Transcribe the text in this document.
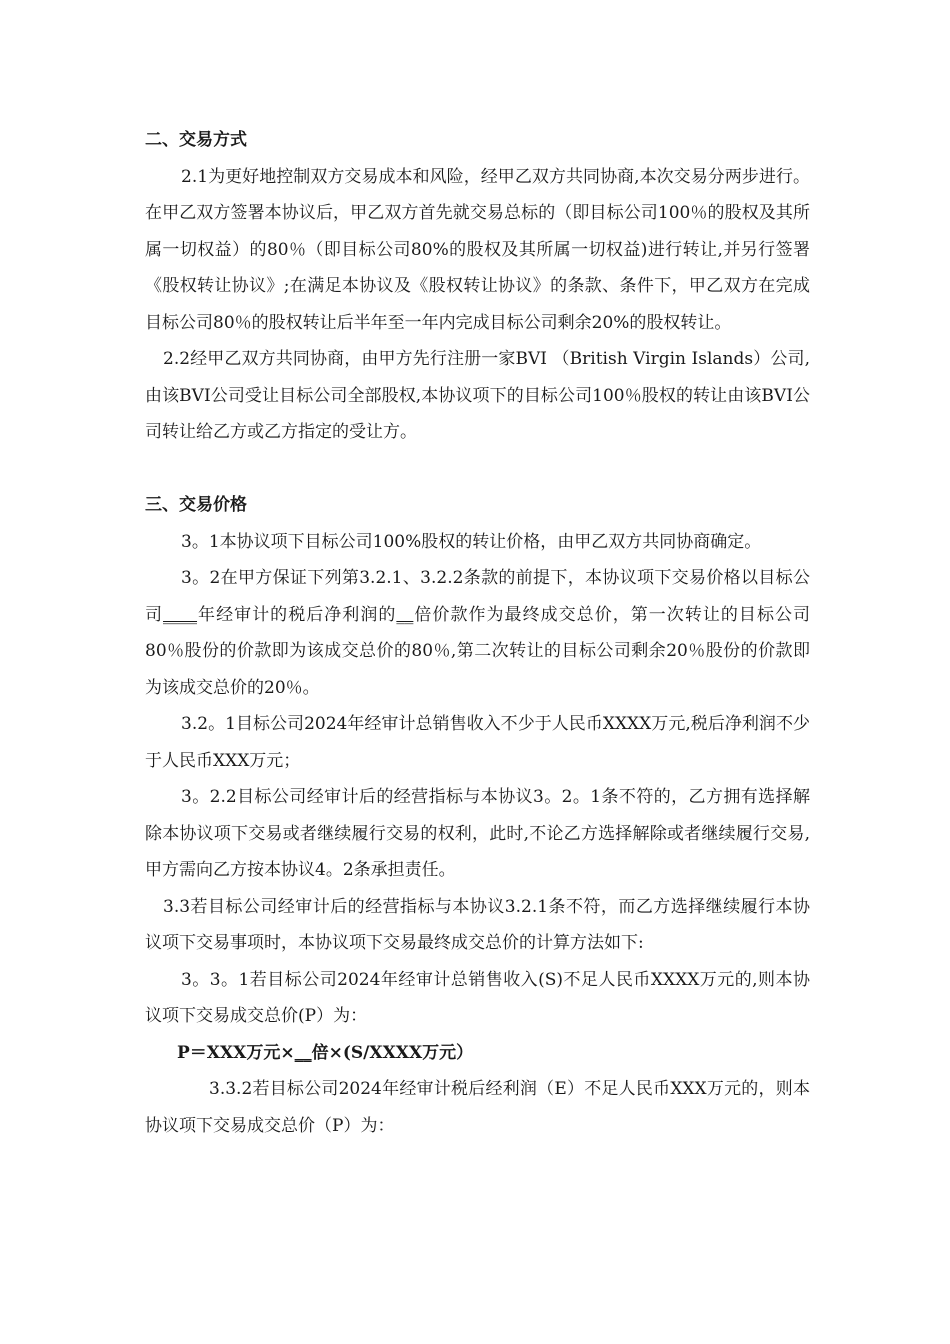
二、交易方式

2.1为更好地控制双方交易成本和风险，经甲乙双方共同协商,本次交易分两步进行。在甲乙双方签署本协议后，甲乙双方首先就交易总标的（即目标公司100％的股权及其所属一切权益）的80％（即目标公司80%的股权及其所属一切权益)进行转让,并另行签署《股权转让协议》;在满足本协议及《股权转让协议》的条款、条件下，甲乙双方在完成目标公司80％的股权转让后半年至一年内完成目标公司剩余20%的股权转让。

2.2经甲乙双方共同协商，由甲方先行注册一家BVI （British Virgin Islands）公司,由该BVI公司受让目标公司全部股权,本协议项下的目标公司100％股权的转让由该BVI公司转让给乙方或乙方指定的受让方。

三、交易价格

3。1本协议项下目标公司100%股权的转让价格，由甲乙双方共同协商确定。

3。2在甲方保证下列第3.2.1、3.2.2条款的前提下，本协议项下交易价格以目标公司____年经审计的税后净利润的__倍价款作为最终成交总价，第一次转让的目标公司80％股份的价款即为该成交总价的80％,第二次转让的目标公司剩余20％股份的价款即为该成交总价的20％。

3.2。1目标公司2024年经审计总销售收入不少于人民币XXXX万元,税后净利润不少于人民币XXX万元；

3。2.2目标公司经审计后的经营指标与本协议3。2。1条不符的，乙方拥有选择解除本协议项下交易或者继续履行交易的权利，此时,不论乙方选择解除或者继续履行交易,甲方需向乙方按本协议4。2条承担责任。

3.3若目标公司经审计后的经营指标与本协议3.2.1条不符，而乙方选择继续履行本协议项下交易事项时，本协议项下交易最终成交总价的计算方法如下:

3。3。1若目标公司2024年经审计总销售收入(S)不足人民币XXXX万元的,则本协议项下交易成交总价(P）为：

P＝XXX万元×__倍×(S/XXXX万元）

3.3.2若目标公司2024年经审计税后经利润（E）不足人民币XXX万元的，则本协议项下交易成交总价（P）为：
